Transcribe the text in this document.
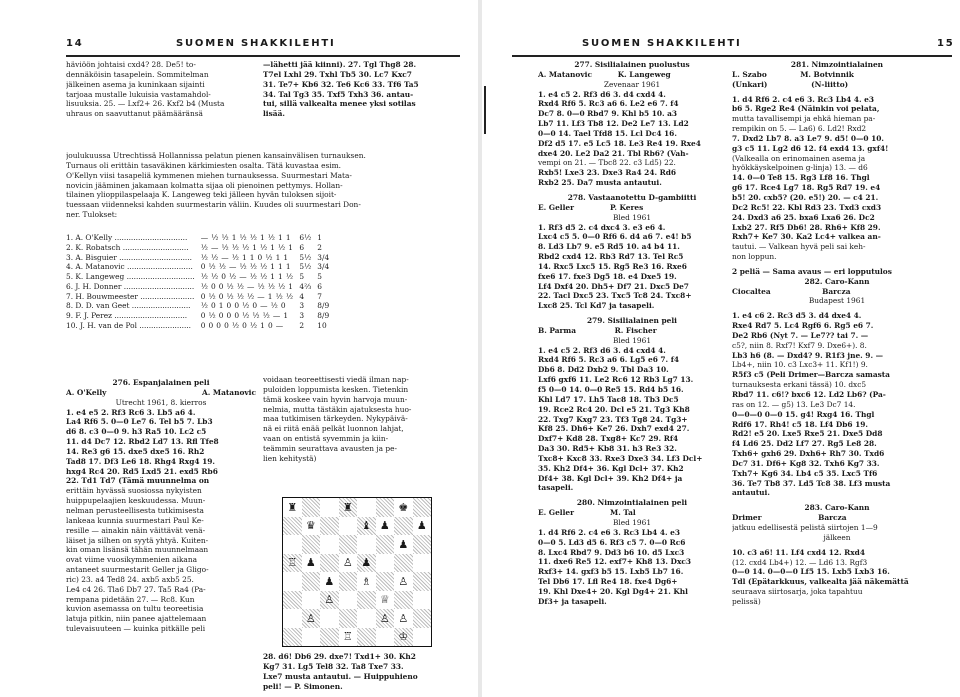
14	SUOMEN SHAKKILEHTI
häviöön johtaisi cxd4? 28. De5! to-
dennäköisin tasapelein. Sommitelman
jälkeinen asema ja kuninkaan sijainti
tarjoaa mustalle lukuisia vastamahdol-
lisuuksia. 25. — Lxf2+ 26. Kxf2 b4 (Musta
uhraus on saavuttanut päämääränsä
—lähetti jää kiinni). 27. Tgl Thg8 28.
T7el Lxhl 29. Txhl Tb5 30. Lc7 Kxc7
31. Te7+ Kb6 32. Te6 Kc6 33. Tf6 Ta5
34. Tal Tg3 35. Txf5 Txh3 36. antau-
tui, sillä valkealta menee yksi sotilas
lisää.

joulukuussa Utrechtissä Hollannissa pelatun pienen kansainvälisen turnauksen.
Turnaus oli erittäin tasaväkinen kärkimiesten osalta. Tätä kuvastaa esim.
O'Kellyn viisi tasapeliä kymmenen miehen turnauksessa. Suurmestari Mata-
novicin jääminen jakamaan kolmatta sijaa oli pienoinen pettymys. Hollan-
tilainen ylioppilaspelaaja K. Langeweg teki jälleen hyvän tuloksen sijoit-
tuessaan viidenneksi kahden suurmestarin väliin. Kuudes oli suurmestari Don-
ner. Tulokset:

1. A. O'Kelly ...............................	— ½ ½ 1 ½ ½ 1 ½ 1 1	6½	1
2. K. Robatsch ............................	½ — ½ ½ ½ 1 ½ 1 ½ 1	6	2
3. A. Bisguier ...............................	½ ½ — ½ 1 1 0 ½ 1 1	5½	3/4
4. A. Matanovic ............................	0 ½ ½ — ½ ½ ½ 1 1 1	5½	3/4
5. K. Langeweg .............................	½ ½ 0 ½ — ½ ½ 1 1 ½	5	5
6. J. H. Donner ..............................	½ 0 0 ½ ½ — ½ ½ ½ 1	4⅔	6
7. H. Bouwmeester .......................	0 ½ 0 ½ ½ ½ — 1 ½ ½	4	7
8. D. D. van Geet .........................	½ 0 1 0 0 ½ 0 — ½ 0	3	8/9
9. F. J. Perez ...............................	0 ½ 0 0 0 ½ ½ ½ — 1	3	8/9
10. J. H. van de Pol ......................	0 0 0 0 ½ 0 ½ 1 0 —	2	10
276. Espanjalainen peli
A. O'Kelly	A. Matanovic
Utrecht 1961, 8. kierros
1. e4 e5 2. Rf3 Rc6 3. Lb5 a6 4.
La4 Rf6 5. 0—0 Le7 6. Tel b5 7. Lb3
d6 8. c3 0—0 9. h3 Ra5 10. Lc2 c5
11. d4 Dc7 12. Rbd2 Ld7 13. Rfl Tfe8
14. Re3 g6 15. dxe5 dxe5 16. Rh2
Tad8 17. Df3 Le6 18. Rhg4 Rxg4 19.
hxg4 Rc4 20. Rd5 Lxd5 21. exd5 Rb6
22. Td1 Td7 (Tämä muunnelma on
erittäin hyvässä suosiossa nykyisten
huippupelaajien keskuudessa. Muun-
nelman perusteellisesta tutkimisesta
lankeaa kunnia suurmestari Paul Ke-
resille — ainakin näin väittävät venä-
läiset ja silhen on syytä yhtyä. Kuiten-
kin oman lisänsä tähän muunnelmaan
ovat viime vuosikymmenien aikana
antaneet suurmestarit Geller ja Gligo-
ric) 23. a4 Ted8 24. axb5 axb5 25.
Le4 c4 26. Tla6 Db7 27. Ta5 Ra4 (Pa-
rempana pidetään 27. — Rc8. Kun
kuvion asemassa on tultu teoreetisia
latuja pitkin, niin panee ajattelemaan
tulevaisuuteen — kuinka pitkälle peli
voidaan teoreettisesti viedä ilman nap-
puloiden loppumista kesken. Tietenkin
tämä koskee vain hyvin harvoja muun-
nelmia, mutta tästäkin ajatuksesta huo-
maa tutkimisen tärkeyden. Nykypäivä-
nä ei riitä enää pelkät luonnon lahjat,
vaan on entistä syvemmin ja kiin-
teämmin seurattava avausten ja pe-
lien kehitystä)
♜	♜	♚
♛	♝ ♟ ♟
♟
♖ ♟ ♙ ♟
♟ ♗ ♙
♙	♕
♙	♙ ♙
♖	♔
28. d6! Db6 29. dxe7! Txd1+ 30. Kh2
Kg7 31. Lg5 Tel8 32. Ta8 Txe7 33.
Lxe7 musta antautui. — Huippuhieno
peli! — P. Simonen.
SUOMEN SHAKKILEHTI	15
277. Sisilialainen puolustus
A. Matanovic          K. Langeweg
Zevenaar 1961
1. e4 c5 2. Rf3 d6 3. d4 cxd4 4.
Rxd4 Rf6 5. Rc3 a6 6. Le2 e6 7. f4
Dc7 8. 0—0 Rbd7 9. Khl b5 10. a3
Lb7 11. Lf3 Tb8 12. De2 Le7 13. Ld2
0—0 14. Tael Tfd8 15. Lcl Dc4 16.
Df2 d5 17. e5 Lc5 18. Le3 Re4 19. Rxe4
dxe4 20. Le2 Da2 21. Tbl Rb6? (Vah-
vempi on 21. — Tbc8 22. c3 Ld5) 22.
Rxb5! Lxe3 23. Dxe3 Ra4 24. Rd6
Rxb2 25. Da7 musta antautui.

278. Vastaanotettu D-gambiitti
E. Geller              P. Keres
Bled 1961
1. Rf3 d5 2. c4 dxc4 3. e3 e6 4.
Lxc4 c5 5. 0—0 Rf6 6. d4 a6 7. e4! b5
8. Ld3 Lb7 9. e5 Rd5 10. a4 b4 11.
Rbd2 cxd4 12. Rb3 Rd7 13. Tel Rc5
14. Rxc5 Lxc5 15. Rg5 Re3 16. Rxe6
fxe6 17. fxe3 Dg5 18. e4 Dxe5 19.
Lf4 Dxf4 20. Dh5+ Df7 21. Dxc5 De7
22. Tacl Dxc5 23. Txc5 Tc8 24. Txc8+
Lxc8 25. Tcl Kd7 ja tasapeli.

279. Sisilialainen peli
B. Parma               R. Fischer
Bled 1961
1. e4 c5 2. Rf3 d6 3. d4 cxd4 4.
Rxd4 Rf6 5. Rc3 a6 6. Lg5 e6 7. f4
Db6 8. Dd2 Dxb2 9. Tbl Da3 10.
Lxf6 gxf6 11. Le2 Rc6 12 Rb3 Lg7 13.
f5 0—0 14. 0—0 Re5 15. Rd4 b5 16.
Khl Ld7 17. Lh5 Tac8 18. Tb3 Dc5
19. Rce2 Rc4 20. Dcl e5 21. Tg3 Kh8
22. Txg7 Kxg7 23. Tf3 Tg8 24. Tg3+
Kf8 25. Dh6+ Ke7 26. Dxh7 exd4 27.
Dxf7+ Kd8 28. Txg8+ Kc7 29. Rf4
Da3 30. Rd5+ Kb8 31. h3 Re3 32.
Txc8+ Kxc8 33. Rxe3 Dxe3 34. Lf3 Dcl+
35. Kh2 Df4+ 36. Kgl Dcl+ 37. Kh2
Df4+ 38. Kgl Dcl+ 39. Kh2 Df4+ ja
tasapeli.

280. Nimzointialainen peli
E. Geller              M. Tal
Bled 1961
1. d4 Rf6 2. c4 e6 3. Rc3 Lb4 4. e3
0—0 5. Ld3 d5 6. Rf3 c5 7. 0—0 Rc6
8. Lxc4 Rbd7 9. Dd3 b6 10. d5 Lxc3
11. dxe6 Re5 12. exf7+ Kh8 13. Dxc3
Rxf3+ 14. gxf3 b5 15. Lxb5 Lb7 16.
Tel Db6 17. Lfl Re4 18. fxe4 Dg6+
19. Khl Dxe4+ 20. Kgl Dg4+ 21. Khl
Df3+ ja tasapeli.
281. Nimzointialainen
L. Szabo             M. Botvinnik
(Unkari)                 (N-liitto)

1. d4 Rf6 2. c4 e6 3. Rc3 Lb4 4. e3
b6 5. Rge2 Re4 (Näinkin voi pelata,
mutta tavallisempi ja ehkä hieman pa-
rempikin on 5. — La6) 6. Ld2! Rxd2
7. Dxd2 Lb7 8. a3 Le7 9. d5! 0—0 10.
g3 c5 11. Lg2 d6 12. f4 exd4 13. gxf4!
(Valkealla on erinomainen asema ja
hyökkäyskelpoinen g-linja) 13. — d6
14. 0—0 Te8 15. Rg3 Lf8 16. Thgl
g6 17. Rce4 Lg7 18. Rg5 Rd7 19. e4
b5! 20. cxb5? (20. e5!) 20. — c4 21.
Dc2 Rc5! 22. Kbl Rd3 23. Txd3 cxd3
24. Dxd3 a6 25. bxa6 Lxa6 26. Dc2
Lxb2 27. Rf5 Db6! 28. Rh6+ Kf8 29.
Rxh7+ Ke7 30. Ka2 Lc4+ valkea an-
tautui. — Valkean hyvä peli sai keh-
non loppun.

2 peliä — Sama avaus — eri lopputulos
282. Caro-Kann
Ciocaltea                    Barcza
Budapest 1961

1. e4 c6 2. Rc3 d5 3. d4 dxe4 4.
Rxe4 Rd7 5. Lc4 Rgf6 6. Rg5 e6 7.
De2 Rb6 (Nyt 7. — Le7?? tai 7. —
c5?, niin 8. Rxf7! Kxf7 9. Dxe6+). 8.
Lb3 h6 (8. — Dxd4? 9. R1f3 jne. 9. —
Lb4+, niin 10. c3 Lxc3+ 11. Kf1!) 9.
R5f3 c5 (Peli Drimer—Barcza samasta
turnauksesta erkani tässä) 10. dxc5
Rbd7 11. c6!? bxc6 12. Ld2 Lb6? (Pa-
ras on 12. — g5) 13. Le3 Dc7 14.
0—0—0 0—0 15. g4! Rxg4 16. Thgl
Rdf6 17. Rh4! c5 18. Lf4 Db6 19.
Rd2! e5 20. Lxe5 Rxe5 21. Dxe5 Dd8
f4 Ld6 25. Dd2 Lf7 27. Rg5 Le8 28.
Txh6+ gxh6 29. Dxh6+ Rh7 30. Txd6
Dc7 31. Df6+ Kg8 32. Txh6 Kg7 33.
Txh7+ Kg6 34. Lb4 c5 35. Lxc5 Tf6
36. Te7 Tb8 37. Ld5 Tc8 38. Lf3 musta
antautui.

283. Caro-Kann
Drimer                      Barcza
jatkuu edellisestä pelistä siirtojen 1—9
jälkeen

10. c3 a6! 11. Lf4 cxd4 12. Rxd4
(12. cxd4 Lb4+) 12. — Ld6 13. Rgf3
0—0 14. 0—0—0 Lf5 15. Lxb5 Lxb3 16.
Tdl (Epätarkkuus, valkealta jää näkemättä
seuraava siirtosarja, joka tapahtuu
pelissä)
